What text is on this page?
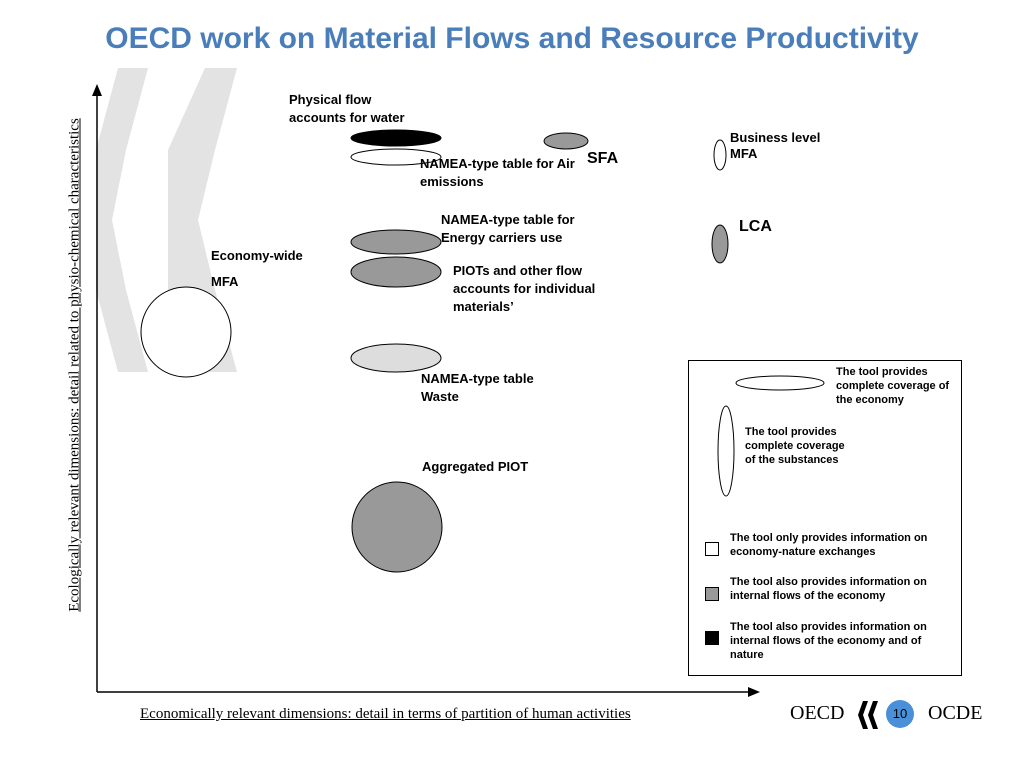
OECD work on Material Flows and Resource Productivity
Physical flow accounts for water
NAMEA-type table for Air emissions
SFA
Business level MFA
NAMEA-type table for Energy carriers use
LCA
Economy-wide
MFA
PIOTs and other flow accounts for individual materials’
NAMEA-type table Waste
Aggregated PIOT
Ecologically relevant dimensions: detail related to physio-chemical characteristics
Economically relevant dimensions: detail in terms of partition of human activities
The tool provides complete coverage of the economy
The tool provides complete coverage of the substances
The tool only provides information on economy-nature exchanges
The tool also provides information on internal flows of the economy
The tool also provides information on internal flows of the economy and of nature
OECD	10	OCDE
